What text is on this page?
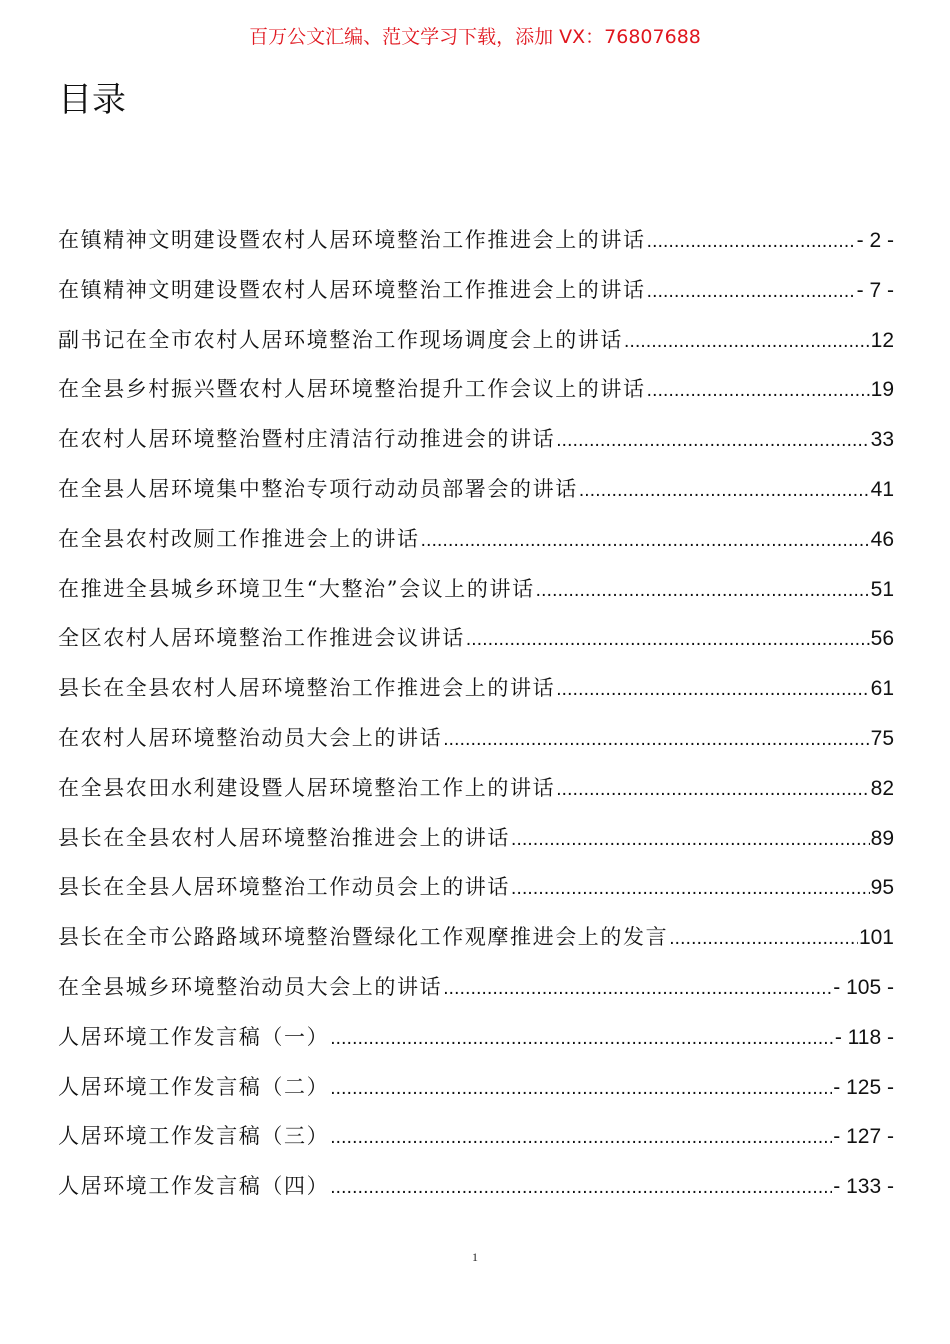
百万公文汇编、范文学习下载，添加 VX：76807688
目录
在镇精神文明建设暨农村人居环境整治工作推进会上的讲话 .....	- 2 -
在镇精神文明建设暨农村人居环境整治工作推进会上的讲话 .....	- 7 -
副书记在全市农村人居环境整治工作现场调度会上的讲话 .....	12
在全县乡村振兴暨农村人居环境整治提升工作会议上的讲话 .....	19
在农村人居环境整治暨村庄清洁行动推进会的讲话 .....	33
在全县人居环境集中整治专项行动动员部署会的讲话 .....	41
在全县农村改厕工作推进会上的讲话 .....	46
在推进全县城乡环境卫生“大整治”会议上的讲话 .....	51
全区农村人居环境整治工作推进会议讲话 .....	56
县长在全县农村人居环境整治工作推进会上的讲话 .....	61
在农村人居环境整治动员大会上的讲话 .....	75
在全县农田水利建设暨人居环境整治工作上的讲话 .....	82
县长在全县农村人居环境整治推进会上的讲话 .....	89
县长在全县人居环境整治工作动员会上的讲话 .....	95
县长在全市公路路域环境整治暨绿化工作观摩推进会上的发言 .....	101
在全县城乡环境整治动员大会上的讲话 .....	- 105 -
人居环境工作发言稿（一） .....	- 118 -
人居环境工作发言稿（二） .....	- 125 -
人居环境工作发言稿（三） .....	- 127 -
人居环境工作发言稿（四） .....	- 133 -
1
